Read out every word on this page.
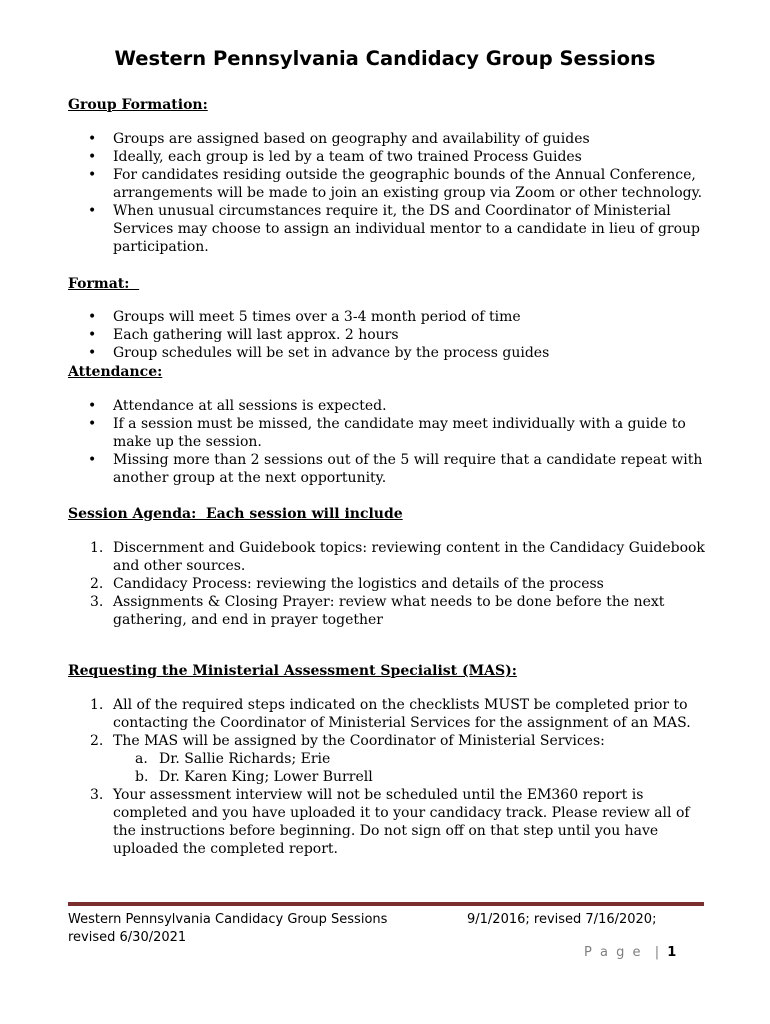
Western Pennsylvania Candidacy Group Sessions
Group Formation:
• Groups are assigned based on geography and availability of guides
• Ideally, each group is led by a team of two trained Process Guides
• For candidates residing outside the geographic bounds of the Annual Conference, arrangements will be made to join an existing group via Zoom or other technology.
• When unusual circumstances require it, the DS and Coordinator of Ministerial Services may choose to assign an individual mentor to a candidate in lieu of group participation.
Format:
• Groups will meet 5 times over a 3-4 month period of time
• Each gathering will last approx. 2 hours
• Group schedules will be set in advance by the process guides
Attendance:
• Attendance at all sessions is expected.
• If a session must be missed, the candidate may meet individually with a guide to make up the session.
• Missing more than 2 sessions out of the 5 will require that a candidate repeat with another group at the next opportunity.
Session Agenda:  Each session will include
1. Discernment and Guidebook topics: reviewing content in the Candidacy Guidebook and other sources.
2. Candidacy Process: reviewing the logistics and details of the process
3. Assignments & Closing Prayer: review what needs to be done before the next gathering, and end in prayer together
Requesting the Ministerial Assessment Specialist (MAS):
1. All of the required steps indicated on the checklists MUST be completed prior to contacting the Coordinator of Ministerial Services for the assignment of an MAS.
2. The MAS will be assigned by the Coordinator of Ministerial Services:
a. Dr. Sallie Richards; Erie
b. Dr. Karen King; Lower Burrell
3. Your assessment interview will not be scheduled until the EM360 report is completed and you have uploaded it to your candidacy track. Please review all of the instructions before beginning. Do not sign off on that step until you have uploaded the completed report.
Western Pennsylvania Candidacy Group Sessions	9/1/2016; revised 7/16/2020;
revised 6/30/2021
P a g e  | 1
